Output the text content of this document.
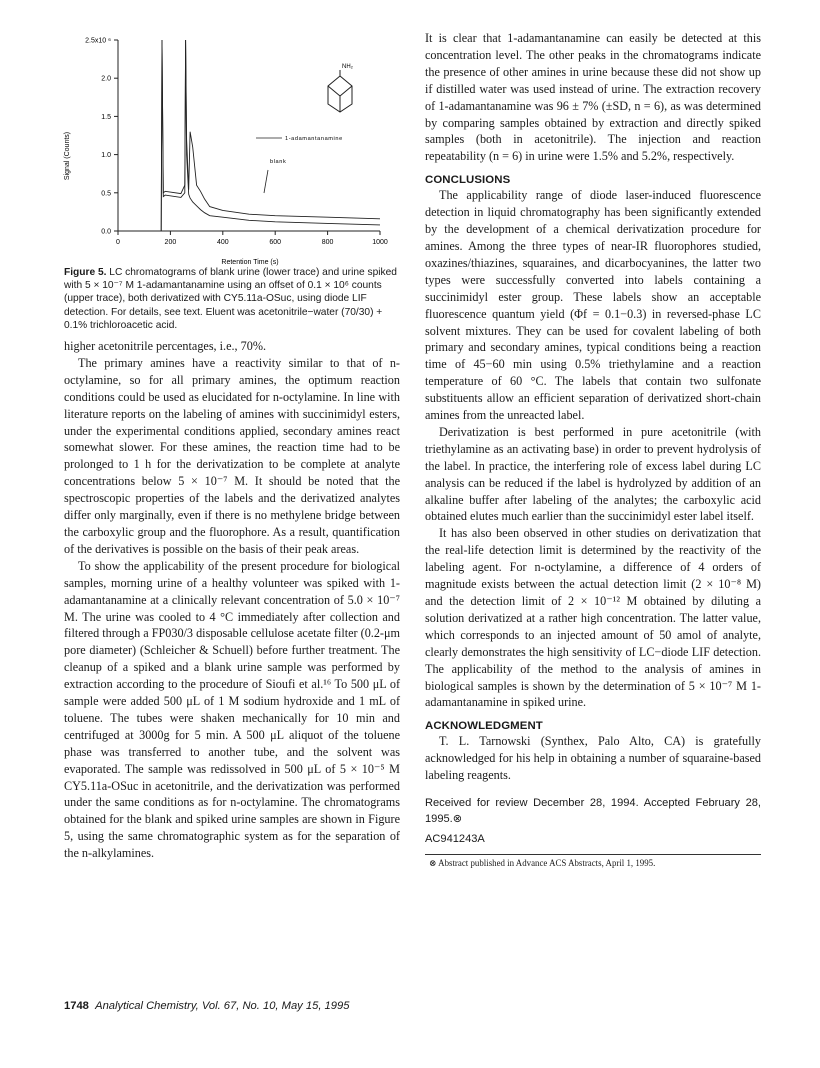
2.5x10 ⁶
2.0
1.5
1.0
0.5
0.0
0	200	400	600	800	1000
Signal (Counts)
Retention Time (s)
NH₂
1-adamantanamine
blank
Figure 5. LC chromatograms of blank urine (lower trace) and urine spiked with 5 × 10⁻⁷ M 1-adamantanamine using an offset of 0.1 × 10⁶ counts (upper trace), both derivatized with CY5.11a-OSuc, using diode LIF detection. For details, see text. Eluent was acetonitrile−water (70/30) + 0.1% trichloroacetic acid.

higher acetonitrile percentages, i.e., 70%.

The primary amines have a reactivity similar to that of n-octylamine, so for all primary amines, the optimum reaction conditions could be used as elucidated for n-octylamine. In line with literature reports on the labeling of amines with succinimidyl esters, under the experimental conditions applied, secondary amines react somewhat slower. For these amines, the reaction time had to be prolonged to 1 h for the derivatization to be complete at analyte concentrations below 5 × 10⁻⁷ M. It should be noted that the spectroscopic properties of the labels and the derivatized analytes differ only marginally, even if there is no methylene bridge between the carboxylic group and the fluorophore. As a result, quantification of the derivatives is possible on the basis of their peak areas.

To show the applicability of the present procedure for biological samples, morning urine of a healthy volunteer was spiked with 1-adamantanamine at a clinically relevant concentration of 5.0 × 10⁻⁷ M. The urine was cooled to 4 °C immediately after collection and filtered through a FP030/3 disposable cellulose acetate filter (0.2-μm pore diameter) (Schleicher & Schuell) before further treatment. The cleanup of a spiked and a blank urine sample was performed by extraction according to the procedure of Sioufi et al.¹⁶ To 500 μL of sample were added 500 μL of 1 M sodium hydroxide and 1 mL of toluene. The tubes were shaken mechanically for 10 min and centrifuged at 3000g for 5 min. A 500 μL aliquot of the toluene phase was transferred to another tube, and the solvent was evaporated. The sample was redissolved in 500 μL of 5 × 10⁻⁵ M CY5.11a-OSuc in acetonitrile, and the derivatization was performed under the same conditions as for n-octylamine. The chromatograms obtained for the blank and spiked urine samples are shown in Figure 5, using the same chromatographic system as for the separation of the n-alkylamines.

It is clear that 1-adamantanamine can easily be detected at this concentration level. The other peaks in the chromatograms indicate the presence of other amines in urine because these did not show up if distilled water was used instead of urine. The extraction recovery of 1-adamantanamine was 96 ± 7% (±SD, n = 6), as was determined by comparing samples obtained by extraction and directly spiked samples (both in acetonitrile). The injection and reaction repeatability (n = 6) in urine were 1.5% and 5.2%, respectively.

CONCLUSIONS

The applicability range of diode laser-induced fluorescence detection in liquid chromatography has been significantly extended by the development of a chemical derivatization procedure for amines. Among the three types of near-IR fluorophores studied, oxazines/thiazines, squaraines, and dicarbocyanines, the latter two types were successfully converted into labels containing a succinimidyl ester group. These labels show an acceptable fluorescence quantum yield (Φf = 0.1−0.3) in reversed-phase LC solvent mixtures. They can be used for covalent labeling of both primary and secondary amines, typical conditions being a reaction time of 45−60 min using 0.5% triethylamine and a reaction temperature of 60 °C. The labels that contain two sulfonate substituents allow an efficient separation of derivatized short-chain amines from the unreacted label.

Derivatization is best performed in pure acetonitrile (with triethylamine as an activating base) in order to prevent hydrolysis of the label. In practice, the interfering role of excess label during LC analysis can be reduced if the label is hydrolyzed by addition of an alkaline buffer after labeling of the analytes; the carboxylic acid obtained elutes much earlier than the succinimidyl ester label itself.

It has also been observed in other studies on derivatization that the real-life detection limit is determined by the reactivity of the labeling agent. For n-octylamine, a difference of 4 orders of magnitude exists between the actual detection limit (2 × 10⁻⁸ M) and the detection limit of 2 × 10⁻¹² M obtained by diluting a solution derivatized at a rather high concentration. The latter value, which corresponds to an injected amount of 50 amol of analyte, clearly demonstrates the high sensitivity of LC−diode LIF detection. The applicability of the method to the analysis of amines in biological samples is shown by the determination of 5 × 10⁻⁷ M 1-adamantanamine in spiked urine.

ACKNOWLEDGMENT

T. L. Tarnowski (Synthex, Palo Alto, CA) is gratefully acknowledged for his help in obtaining a number of squaraine-based labeling reagents.

Received for review December 28, 1994. Accepted February 28, 1995.⊗
AC941243A
⊗ Abstract published in Advance ACS Abstracts, April 1, 1995.
1748 Analytical Chemistry, Vol. 67, No. 10, May 15, 1995
